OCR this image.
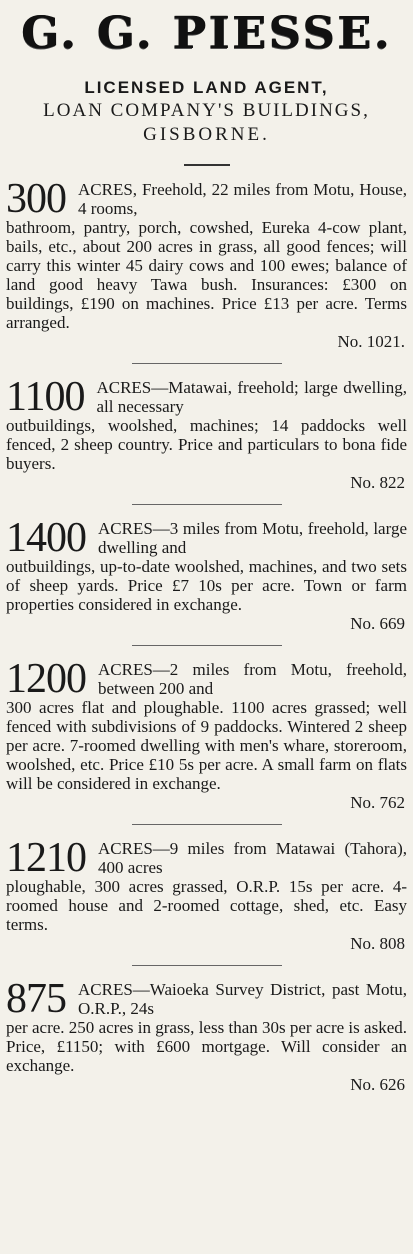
G. G. PIESSE.
LICENSED LAND AGENT,
LOAN COMPANY'S BUILDINGS,
GISBORNE.
300 ACRES, Freehold, 22 miles from Motu, House, 4 rooms,
bathroom, pantry, porch, cowshed, Eureka 4-cow plant, bails, etc., about 200 acres in grass, all good fences; will carry this winter 45 dairy cows and 100 ewes; balance of land good heavy Tawa bush. Insurances: £300 on buildings, £190 on machines. Price £13 per acre. Terms arranged.
No. 1021.
1100 ACRES—Matawai, freehold; large dwelling, all necessary
outbuildings, woolshed, machines; 14 paddocks well fenced, 2 sheep country. Price and particulars to bona fide buyers.
No. 822
1400 ACRES—3 miles from Motu, freehold, large dwelling and
outbuildings, up-to-date woolshed, machines, and two sets of sheep yards. Price £7 10s per acre. Town or farm properties considered in exchange.
No. 669
1200 ACRES—2 miles from Motu, freehold, between 200 and
300 acres flat and ploughable. 1100 acres grassed; well fenced with subdivisions of 9 paddocks. Wintered 2 sheep per acre. 7-roomed dwelling with men's whare, storeroom, woolshed, etc. Price £10 5s per acre. A small farm on flats will be considered in exchange.
No. 762
1210 ACRES—9 miles from Matawai (Tahora), 400 acres
ploughable, 300 acres grassed, O.R.P. 15s per acre. 4-roomed house and 2-roomed cottage, shed, etc. Easy terms.
No. 808
875 ACRES—Waioeka Survey District, past Motu, O.R.P., 24s
per acre. 250 acres in grass, less than 30s per acre is asked. Price, £1150; with £600 mortgage. Will consider an exchange.
No. 626
